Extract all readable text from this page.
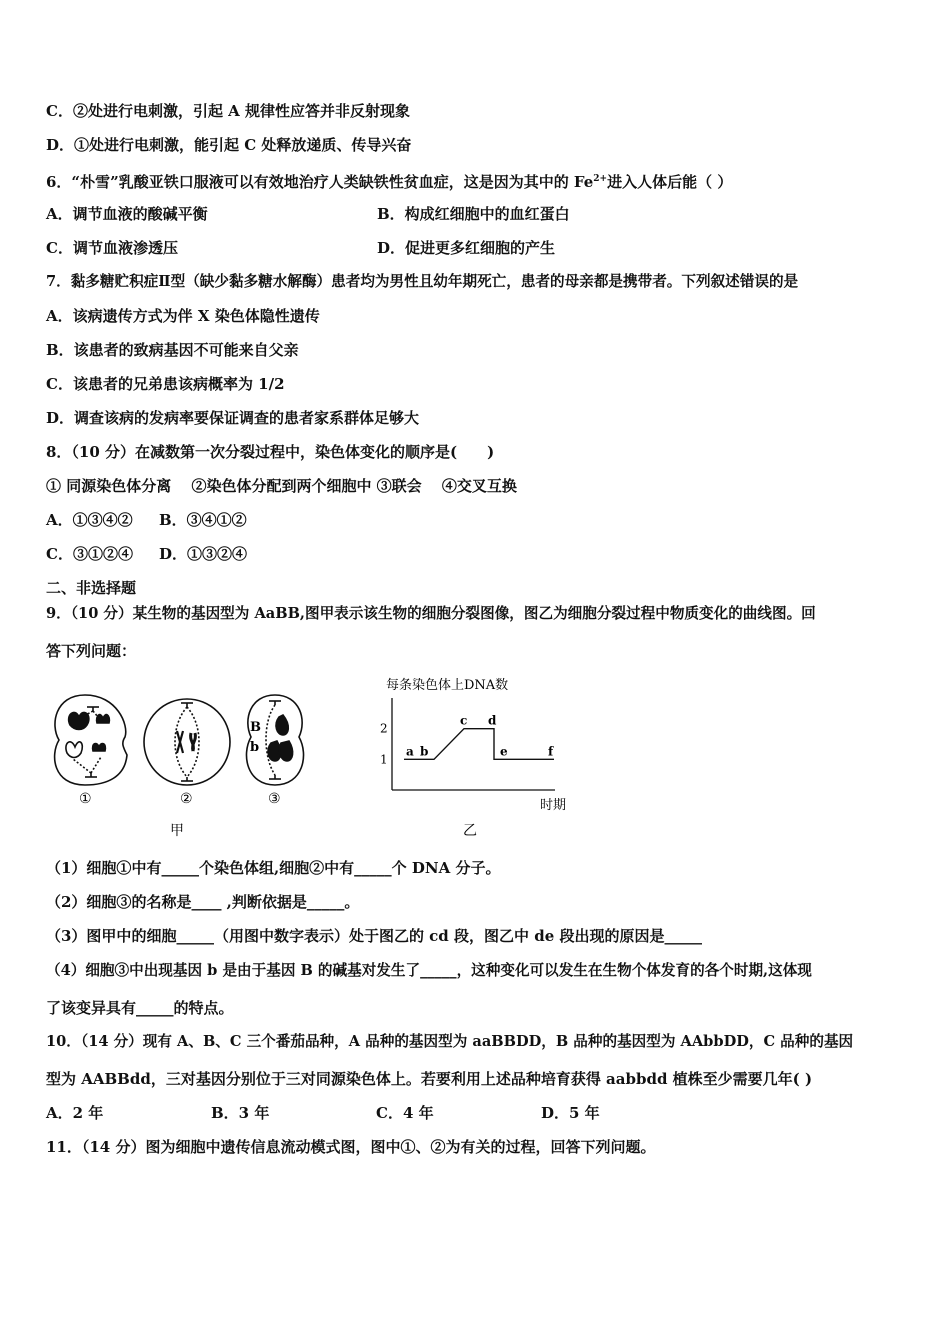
C．②处进行电刺激，引起 A 规律性应答并非反射现象
D．①处进行电刺激，能引起 C 处释放递质、传导兴奋
6．“朴雪”乳酸亚铁口服液可以有效地治疗人类缺铁性贫血症，这是因为其中的 $Fe^{2+}$进入人体后能（ ）
A．调节血液的酸碱平衡	B．构成红细胞中的血红蛋白
C．调节血液渗透压	D．促进更多红细胞的产生
7．黏多糖贮积症Ⅱ型（缺少黏多糖水解酶）患者均为男性且幼年期死亡，患者的母亲都是携带者。下列叙述错误的是
A．该病遗传方式为伴 X 染色体隐性遗传
B．该患者的致病基因不可能来自父亲
C．该患者的兄弟患该病概率为 1/2
D．调查该病的发病率要保证调查的患者家系群体足够大
8．（10 分）在减数第一次分裂过程中，染色体变化的顺序是(　　)
① 同源染色体分离　 ②染色体分配到两个细胞中 ③联会　 ④交叉互换
A．①③④② B．③④①②
C．③①②④ D．①③②④
二、非选择题
9．（10 分）某生物的基因型为 AaBB,图甲表示该生物的细胞分裂图像，图乙为细胞分裂过程中物质变化的曲线图。回
答下列问题：
B
b
①	②	③
甲
每条染色体上DNA数
1
2
a b
c d
e	f
时期
乙
（1）细胞①中有_____个染色体组,细胞②中有_____个 DNA 分子。
（2）细胞③的名称是____ ,判断依据是_____。
（3）图甲中的细胞_____（用图中数字表示）处于图乙的 cd 段，图乙中 de 段出现的原因是_____
（4）细胞③中出现基因 b 是由于基因 B 的碱基对发生了_____，这种变化可以发生在生物个体发育的各个时期,这体现
了该变异具有_____的特点。
10．（14 分）现有 A、B、C 三个番茄品种，A 品种的基因型为 aaBBDD，B 品种的基因型为 AAbbDD，C 品种的基因
型为 AABBdd，三对基因分别位于三对同源染色体上。若要利用上述品种培育获得 aabbdd 植株至少需要几年( )
A．2 年	B．3 年	C．4 年	D．5 年
11．（14 分）图为细胞中遗传信息流动模式图，图中①、②为有关的过程，回答下列问题。
